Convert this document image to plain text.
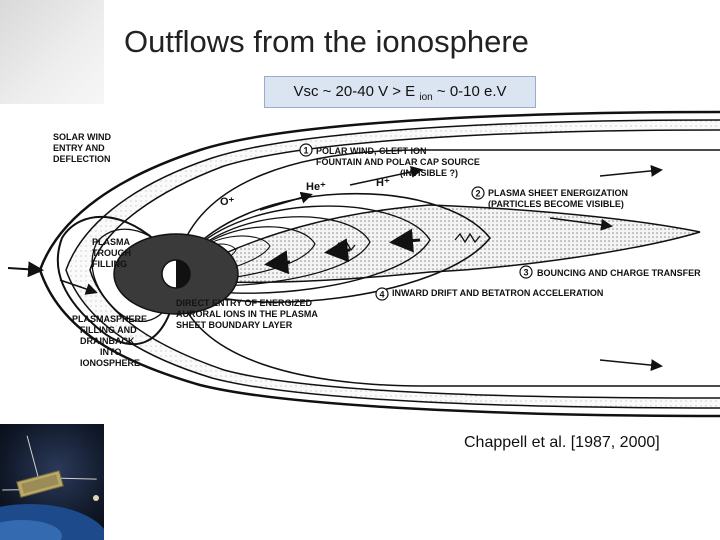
Outflows from the ionosphere
Vsc ~ 20-40 V > E $_{ion}$ ~ 0-10 e.V
O⁺
He⁺	H⁺
SOLAR WIND ENTRY AND DEFLECTION
PLASMA TROUGH FILLING
PLASMASPHERE FILLING AND DRAINBACK INTO IONOSPHERE
DIRECT ENTRY OF ENERGIZED AURORAL IONS IN THE PLASMA SHEET BOUNDARY LAYER
1 POLAR WIND, CLEFT ION FOUNTAIN AND POLAR CAP SOURCE
(INVISIBLE ?)
2 PLASMA SHEET ENERGIZATION (PARTICLES BECOME VISIBLE)
3 BOUNCING AND CHARGE TRANSFER
4 INWARD DRIFT AND BETATRON ACCELERATION
Chappell et al. [1987, 2000]
